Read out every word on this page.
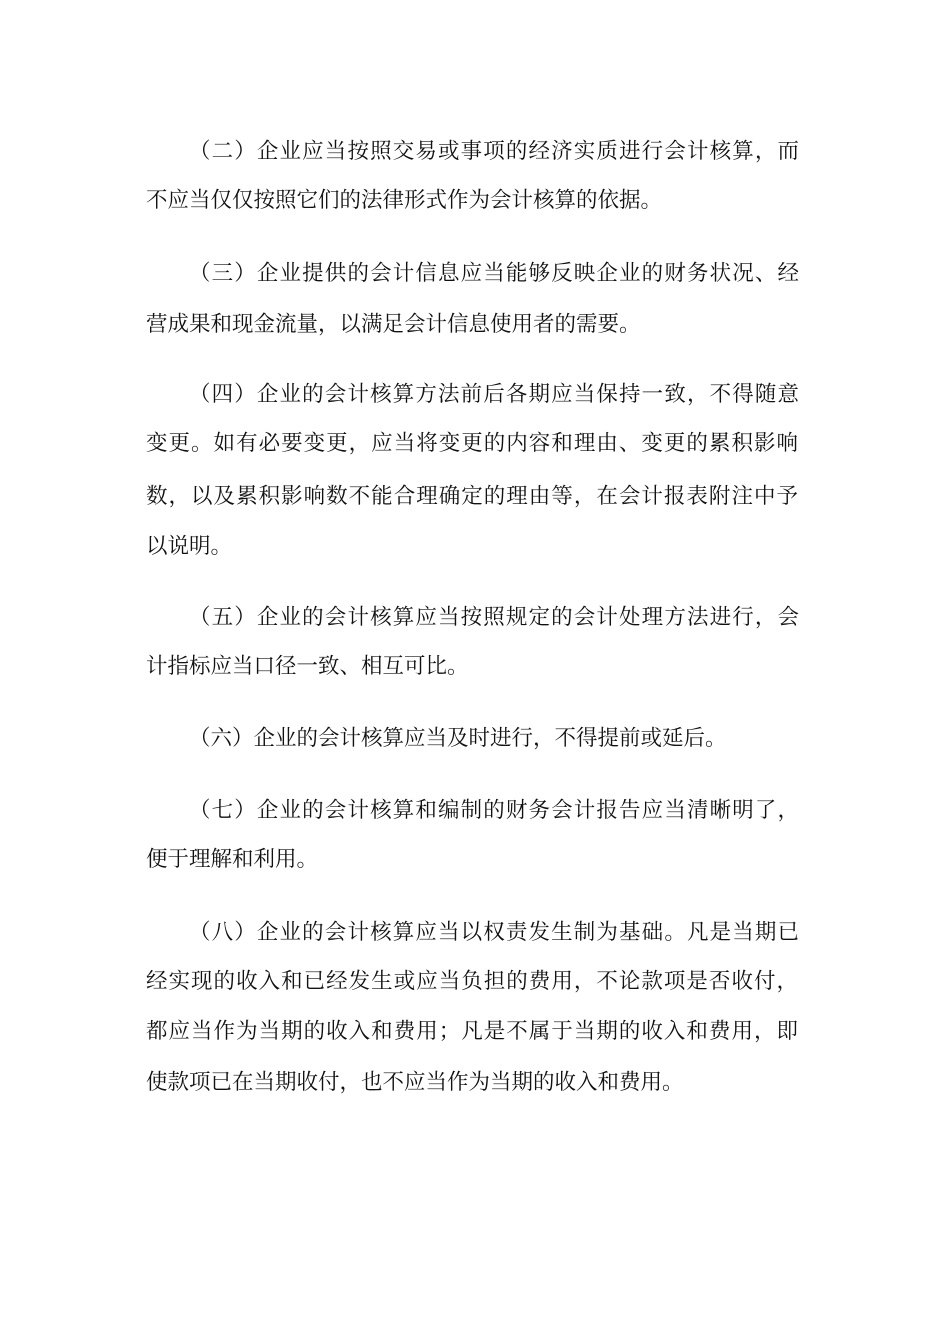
（二）企业应当按照交易或事项的经济实质进行会计核算，而
不应当仅仅按照它们的法律形式作为会计核算的依据。
（三）企业提供的会计信息应当能够反映企业的财务状况、经
营成果和现金流量，以满足会计信息使用者的需要。
（四）企业的会计核算方法前后各期应当保持一致，不得随意
变更。如有必要变更，应当将变更的内容和理由、变更的累积影响
数，以及累积影响数不能合理确定的理由等，在会计报表附注中予
以说明。
（五）企业的会计核算应当按照规定的会计处理方法进行，会
计指标应当口径一致、相互可比。
（六）企业的会计核算应当及时进行，不得提前或延后。
（七）企业的会计核算和编制的财务会计报告应当清晰明了，
便于理解和利用。
（八）企业的会计核算应当以权责发生制为基础。凡是当期已
经实现的收入和已经发生或应当负担的费用，不论款项是否收付，
都应当作为当期的收入和费用；凡是不属于当期的收入和费用，即
使款项已在当期收付，也不应当作为当期的收入和费用。
